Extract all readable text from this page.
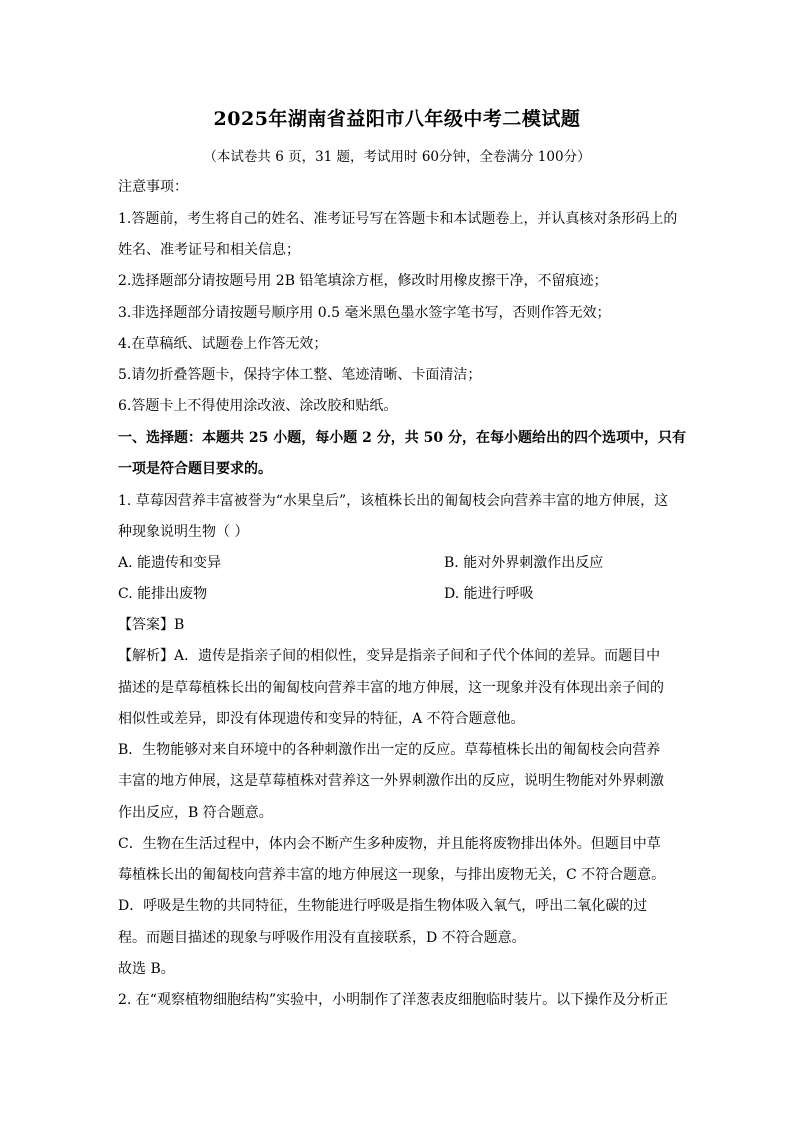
2025年湖南省益阳市八年级中考二模试题
（本试卷共 6 页，31 题，考试用时 60分钟，全卷满分 100分）
注意事项：
1.答题前，考生将自己的姓名、准考证号写在答题卡和本试题卷上，并认真核对条形码上的
姓名、准考证号和相关信息；
2.选择题部分请按题号用 2B 铅笔填涂方框，修改时用橡皮擦干净，不留痕迹；
3.非选择题部分请按题号顺序用 0.5 毫米黑色墨水签字笔书写，否则作答无效；
4.在草稿纸、试题卷上作答无效；
5.请勿折叠答题卡，保持字体工整、笔迹清晰、卡面清洁；
6.答题卡上不得使用涂改液、涂改胶和贴纸。
一、选择题：本题共 25 小题，每小题 2 分，共 50 分，在每小题给出的四个选项中，只有
一项是符合题目要求的。
1. 草莓因营养丰富被誉为“水果皇后”，该植株长出的匍匐枝会向营养丰富的地方伸展，这
种现象说明生物（ ）
A. 能遗传和变异	B. 能对外界刺激作出反应
C. 能排出废物	D. 能进行呼吸
【答案】B
【解析】A．遗传是指亲子间的相似性，变异是指亲子间和子代个体间的差异。而题目中
描述的是草莓植株长出的匍匐枝向营养丰富的地方伸展，这一现象并没有体现出亲子间的
相似性或差异，即没有体现遗传和变异的特征，A 不符合题意他。
B．生物能够对来自环境中的各种刺激作出一定的反应。草莓植株长出的匍匐枝会向营养
丰富的地方伸展，这是草莓植株对营养这一外界刺激作出的反应，说明生物能对外界刺激
作出反应，B 符合题意。
C．生物在生活过程中，体内会不断产生多种废物，并且能将废物排出体外。但题目中草
莓植株长出的匍匐枝向营养丰富的地方伸展这一现象，与排出废物无关，C 不符合题意。
D．呼吸是生物的共同特征，生物能进行呼吸是指生物体吸入氧气，呼出二氧化碳的过
程。而题目描述的现象与呼吸作用没有直接联系，D 不符合题意。
故选 B。
2. 在“观察植物细胞结构”实验中，小明制作了洋葱表皮细胞临时装片。以下操作及分析正
